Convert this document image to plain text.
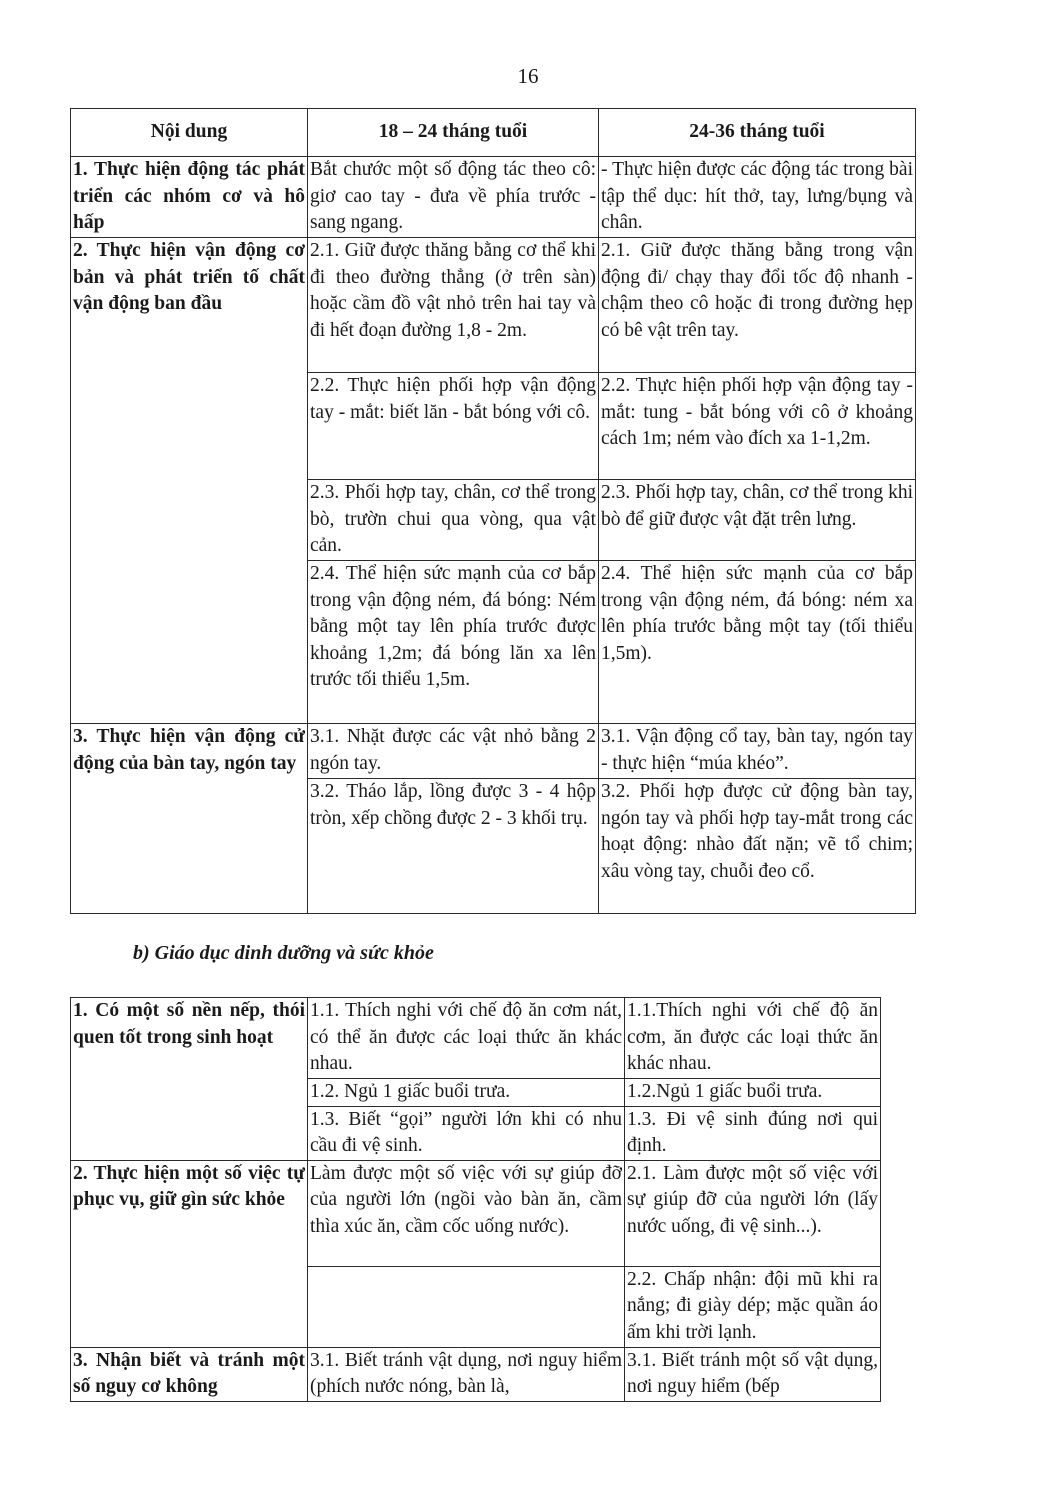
16
Nội dung	18 – 24 tháng tuổi	24-36 tháng tuổi
1. Thực hiện động tác phát triển các nhóm cơ và hô hấp	Bắt chước một số động tác theo cô: giơ cao tay - đưa về phía trước - sang ngang.	- Thực hiện được các động tác trong bài tập thể dục: hít thở, tay, lưng/bụng và chân.
2. Thực hiện vận động cơ bản và phát triển tố chất vận động ban đầu	2.1. Giữ được thăng bằng cơ thể khi đi theo đường thẳng (ở trên sàn) hoặc cầm đồ vật nhỏ trên hai tay và đi hết đoạn đường 1,8 - 2m.	2.1. Giữ được thăng bằng trong vận động đi/ chạy thay đổi tốc độ nhanh - chậm theo cô hoặc đi trong đường hẹp có bê vật trên tay.
	2.2. Thực hiện phối hợp vận động tay - mắt: biết lăn - bắt bóng với cô.	2.2. Thực hiện phối hợp vận động tay - mắt: tung - bắt bóng với cô ở khoảng cách 1m; ném vào đích xa 1-1,2m.
	2.3. Phối hợp tay, chân, cơ thể trong bò, trườn chui qua vòng, qua vật cản.	2.3. Phối hợp tay, chân, cơ thể trong khi bò để giữ được vật đặt trên lưng.
	2.4. Thể hiện sức mạnh của cơ bắp trong vận động ném, đá bóng: Ném bằng một tay lên phía trước được khoảng 1,2m; đá bóng lăn xa lên trước tối thiểu 1,5m.	2.4. Thể hiện sức mạnh của cơ bắp trong vận động ném, đá bóng: ném xa lên phía trước bằng một tay (tối thiểu 1,5m).
3. Thực hiện vận động cử động của bàn tay, ngón tay	3.1. Nhặt được các vật nhỏ bằng 2 ngón tay.	3.1. Vận động cổ tay, bàn tay, ngón tay - thực hiện “múa khéo”.
	3.2. Tháo lắp, lồng được 3 - 4 hộp tròn, xếp chồng được 2 - 3 khối trụ.	3.2. Phối hợp được cử động bàn tay, ngón tay và phối hợp tay-mắt trong các hoạt động: nhào đất nặn; vẽ tổ chim; xâu vòng tay, chuỗi đeo cổ.
b) Giáo dục dinh dưỡng và sức khỏe
1. Có một số nền nếp, thói quen tốt trong sinh hoạt	1.1. Thích nghi với chế độ ăn cơm nát, có thể ăn được các loại thức ăn khác nhau.	1.1.Thích nghi với chế độ ăn cơm, ăn được các loại thức ăn khác nhau.
	1.2. Ngủ 1 giấc buổi trưa.	1.2.Ngủ 1 giấc buổi trưa.
	1.3. Biết “gọi” người lớn khi có nhu cầu đi vệ sinh.	1.3. Đi vệ sinh đúng nơi qui định.
2. Thực hiện một số việc tự phục vụ, giữ gìn sức khỏe	Làm được một số việc với sự giúp đỡ của người lớn (ngồi vào bàn ăn, cầm thìa xúc ăn, cầm cốc uống nước).	2.1. Làm được một số việc với sự giúp đỡ của người lớn (lấy nước uống, đi vệ sinh...).
		2.2. Chấp nhận: đội mũ khi ra nắng; đi giày dép; mặc quần áo ấm khi trời lạnh.
3. Nhận biết và tránh một số nguy cơ không	3.1. Biết tránh vật dụng, nơi nguy hiểm (phích nước nóng, bàn là,	3.1. Biết tránh một số vật dụng, nơi nguy hiểm (bếp
